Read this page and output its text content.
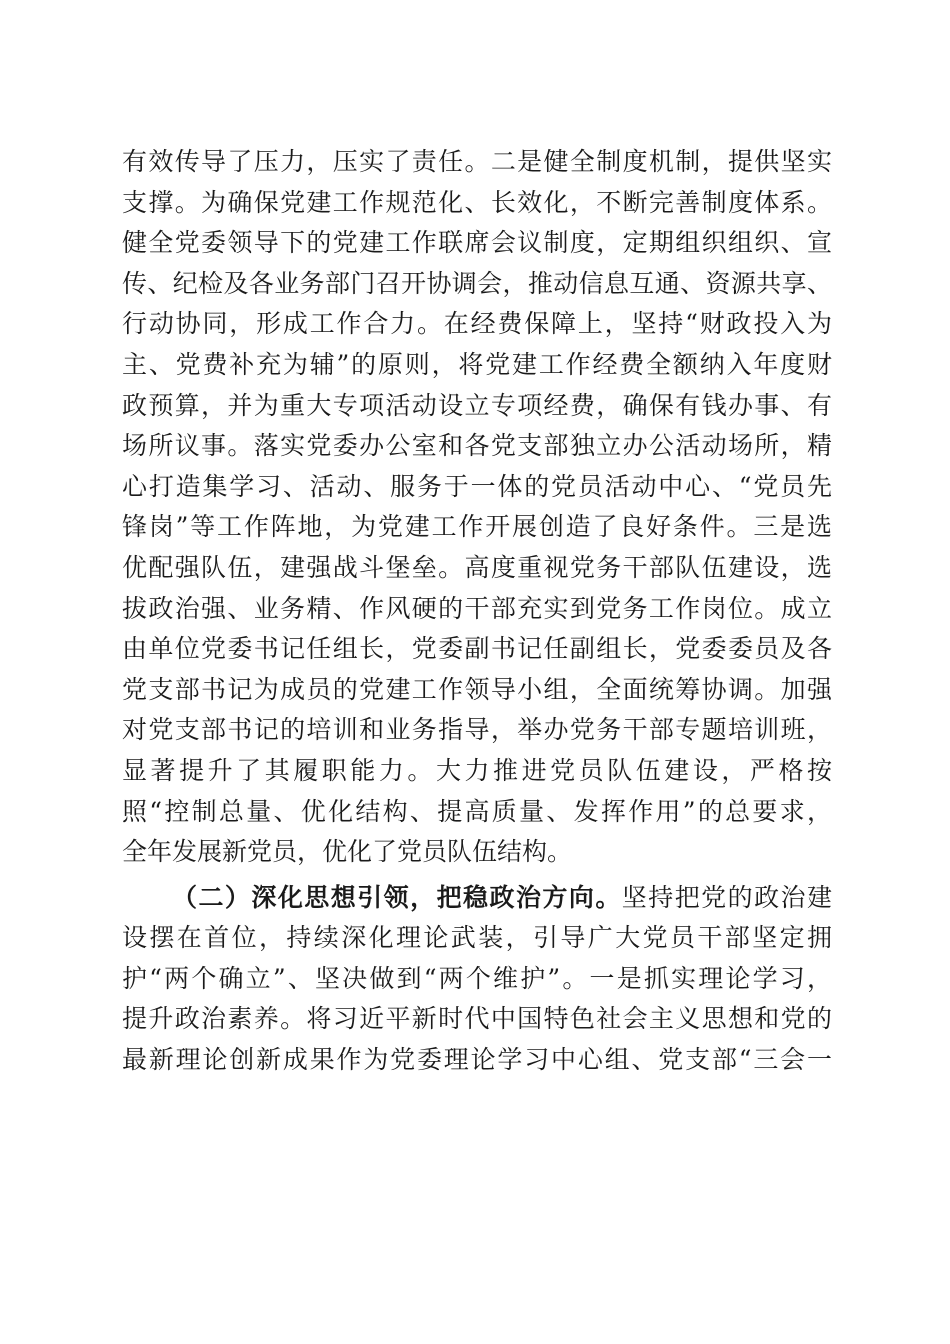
有效传导了压力，压实了责任。二是健全制度机制，提供坚实
支撑。为确保党建工作规范化、长效化，不断完善制度体系。
健全党委领导下的党建工作联席会议制度，定期组织组织、宣
传、纪检及各业务部门召开协调会，推动信息互通、资源共享、
行动协同，形成工作合力。在经费保障上，坚持“财政投入为
主、党费补充为辅”的原则，将党建工作经费全额纳入年度财
政预算，并为重大专项活动设立专项经费，确保有钱办事、有
场所议事。落实党委办公室和各党支部独立办公活动场所，精
心打造集学习、活动、服务于一体的党员活动中心、“党员先
锋岗”等工作阵地，为党建工作开展创造了良好条件。三是选
优配强队伍，建强战斗堡垒。高度重视党务干部队伍建设，选
拔政治强、业务精、作风硬的干部充实到党务工作岗位。成立
由单位党委书记任组长，党委副书记任副组长，党委委员及各
党支部书记为成员的党建工作领导小组，全面统筹协调。加强
对党支部书记的培训和业务指导，举办党务干部专题培训班，
显著提升了其履职能力。大力推进党员队伍建设，严格按
照“控制总量、优化结构、提高质量、发挥作用”的总要求，
全年发展新党员，优化了党员队伍结构。
（二）深化思想引领，把稳政治方向。坚持把党的政治建
设摆在首位，持续深化理论武装，引导广大党员干部坚定拥
护“两个确立”、坚决做到“两个维护”。一是抓实理论学习，
提升政治素养。将习近平新时代中国特色社会主义思想和党的
最新理论创新成果作为党委理论学习中心组、党支部“三会一
